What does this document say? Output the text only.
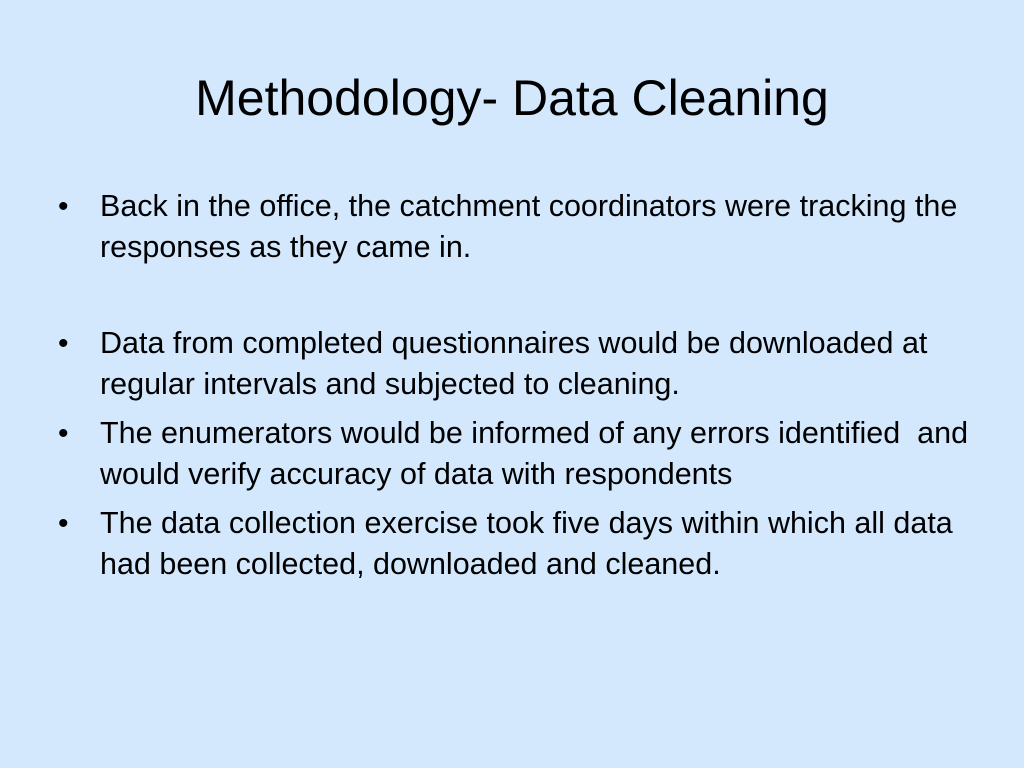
Methodology- Data Cleaning
•	Back in the office, the catchment coordinators were tracking the responses as they came in.
•	Data from completed questionnaires would be downloaded at regular intervals and subjected to cleaning.
•	The enumerators would be informed of any errors identified  and would verify accuracy of data with respondents
•	The data collection exercise took five days within which all data had been collected, downloaded and cleaned.
